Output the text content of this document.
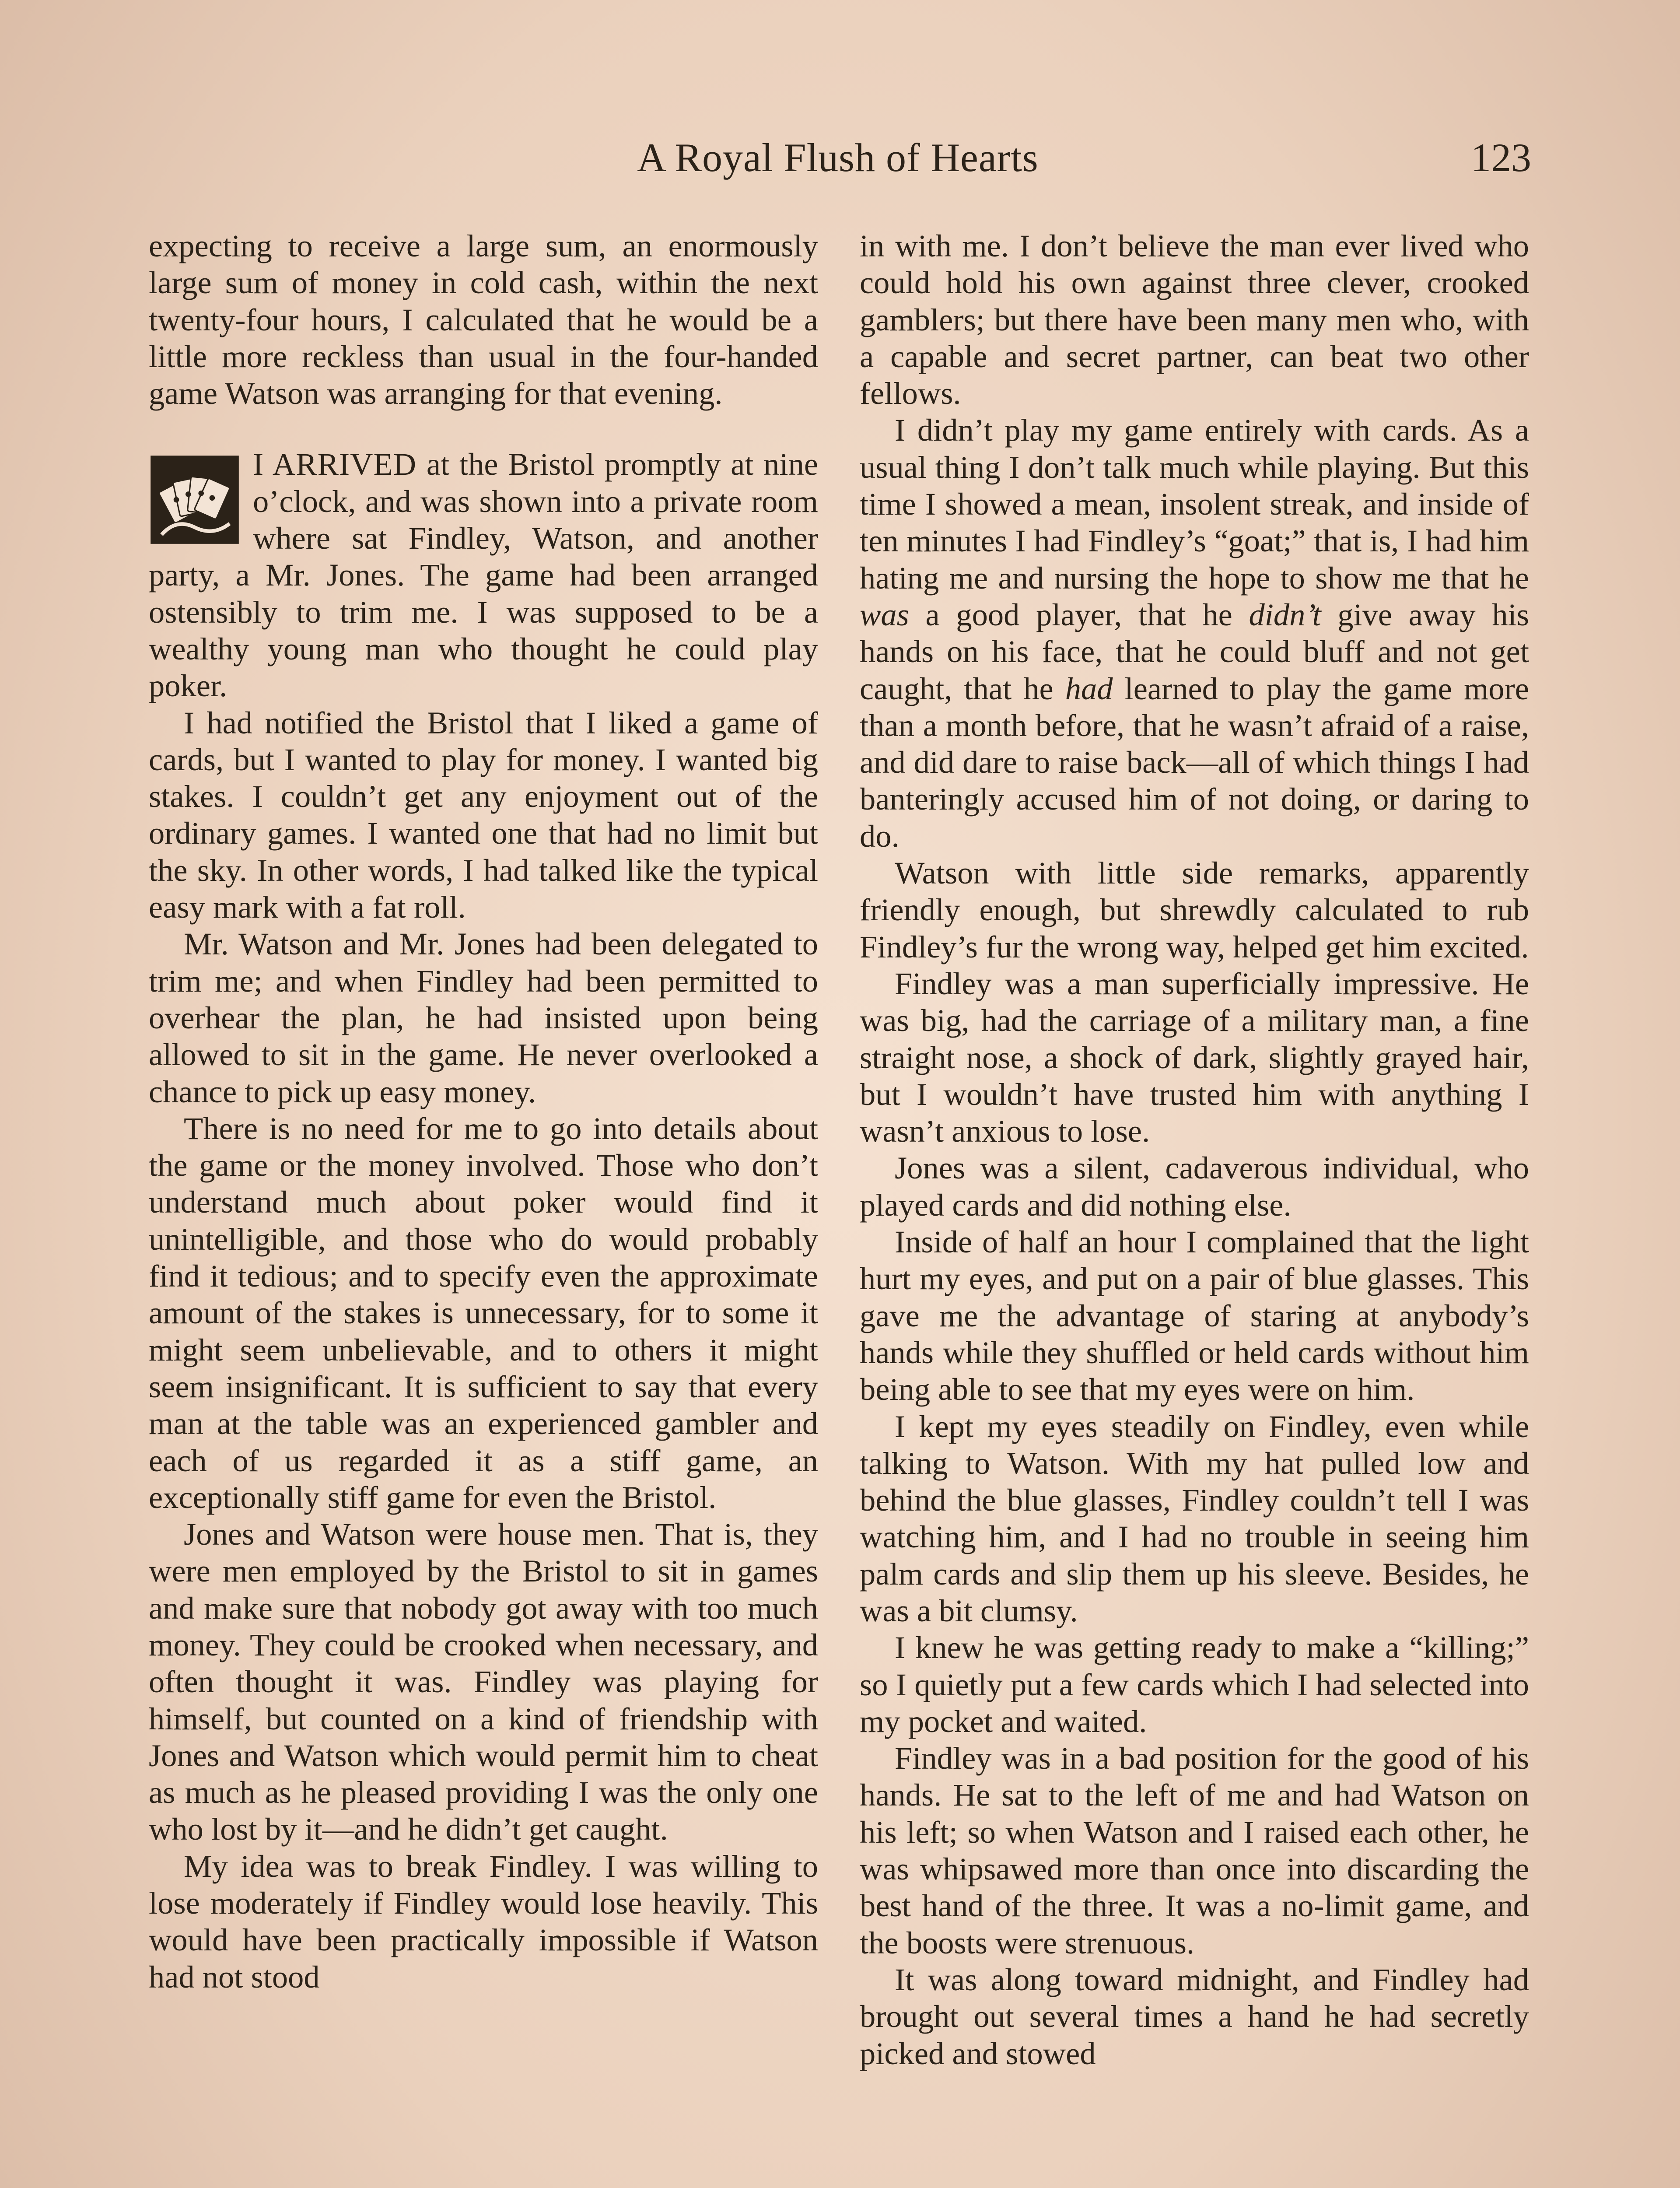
A Royal Flush of Hearts	123

expecting to receive a large sum, an enormously large sum of money in cold cash, within the next twenty-four hours, I calculated that he would be a little more reckless than usual in the four-handed game Watson was arranging for that evening.

I ARRIVED at the Bristol promptly at nine o’clock, and was shown into a private room where sat Findley, Watson, and another party, a Mr. Jones. The game had been arranged ostensibly to trim me. I was supposed to be a wealthy young man who thought he could play poker.

I had notified the Bristol that I liked a game of cards, but I wanted to play for money. I wanted big stakes. I couldn’t get any enjoyment out of the ordinary games. I wanted one that had no limit but the sky. In other words, I had talked like the typical easy mark with a fat roll.

Mr. Watson and Mr. Jones had been delegated to trim me; and when Findley had been permitted to overhear the plan, he had insisted upon being allowed to sit in the game. He never overlooked a chance to pick up easy money.

There is no need for me to go into details about the game or the money involved. Those who don’t understand much about poker would find it unintelligible, and those who do would probably find it tedious; and to specify even the approximate amount of the stakes is unnecessary, for to some it might seem unbelievable, and to others it might seem insignificant. It is sufficient to say that every man at the table was an experienced gambler and each of us regarded it as a stiff game, an exceptionally stiff game for even the Bristol.

Jones and Watson were house men. That is, they were men employed by the Bristol to sit in games and make sure that nobody got away with too much money. They could be crooked when necessary, and often thought it was. Findley was playing for himself, but counted on a kind of friendship with Jones and Watson which would permit him to cheat as much as he pleased providing I was the only one who lost by it—and he didn’t get caught.

My idea was to break Findley. I was willing to lose moderately if Findley would lose heavily. This would have been practically impossible if Watson had not stood

in with me. I don’t believe the man ever lived who could hold his own against three clever, crooked gamblers; but there have been many men who, with a capable and secret partner, can beat two other fellows.

I didn’t play my game entirely with cards. As a usual thing I don’t talk much while playing. But this time I showed a mean, insolent streak, and inside of ten minutes I had Findley’s “goat;” that is, I had him hating me and nursing the hope to show me that he was a good player, that he didn’t give away his hands on his face, that he could bluff and not get caught, that he had learned to play the game more than a month before, that he wasn’t afraid of a raise, and did dare to raise back—all of which things I had banteringly accused him of not doing, or daring to do.

Watson with little side remarks, apparently friendly enough, but shrewdly calculated to rub Findley’s fur the wrong way, helped get him excited.

Findley was a man superficially impressive. He was big, had the carriage of a military man, a fine straight nose, a shock of dark, slightly grayed hair, but I wouldn’t have trusted him with anything I wasn’t anxious to lose.

Jones was a silent, cadaverous individual, who played cards and did nothing else.

Inside of half an hour I complained that the light hurt my eyes, and put on a pair of blue glasses. This gave me the advantage of staring at anybody’s hands while they shuffled or held cards without him being able to see that my eyes were on him.

I kept my eyes steadily on Findley, even while talking to Watson. With my hat pulled low and behind the blue glasses, Findley couldn’t tell I was watching him, and I had no trouble in seeing him palm cards and slip them up his sleeve. Besides, he was a bit clumsy.

I knew he was getting ready to make a “killing;” so I quietly put a few cards which I had selected into my pocket and waited.

Findley was in a bad position for the good of his hands. He sat to the left of me and had Watson on his left; so when Watson and I raised each other, he was whipsawed more than once into discarding the best hand of the three. It was a no-limit game, and the boosts were strenuous.

It was along toward midnight, and Findley had brought out several times a hand he had secretly picked and stowed
